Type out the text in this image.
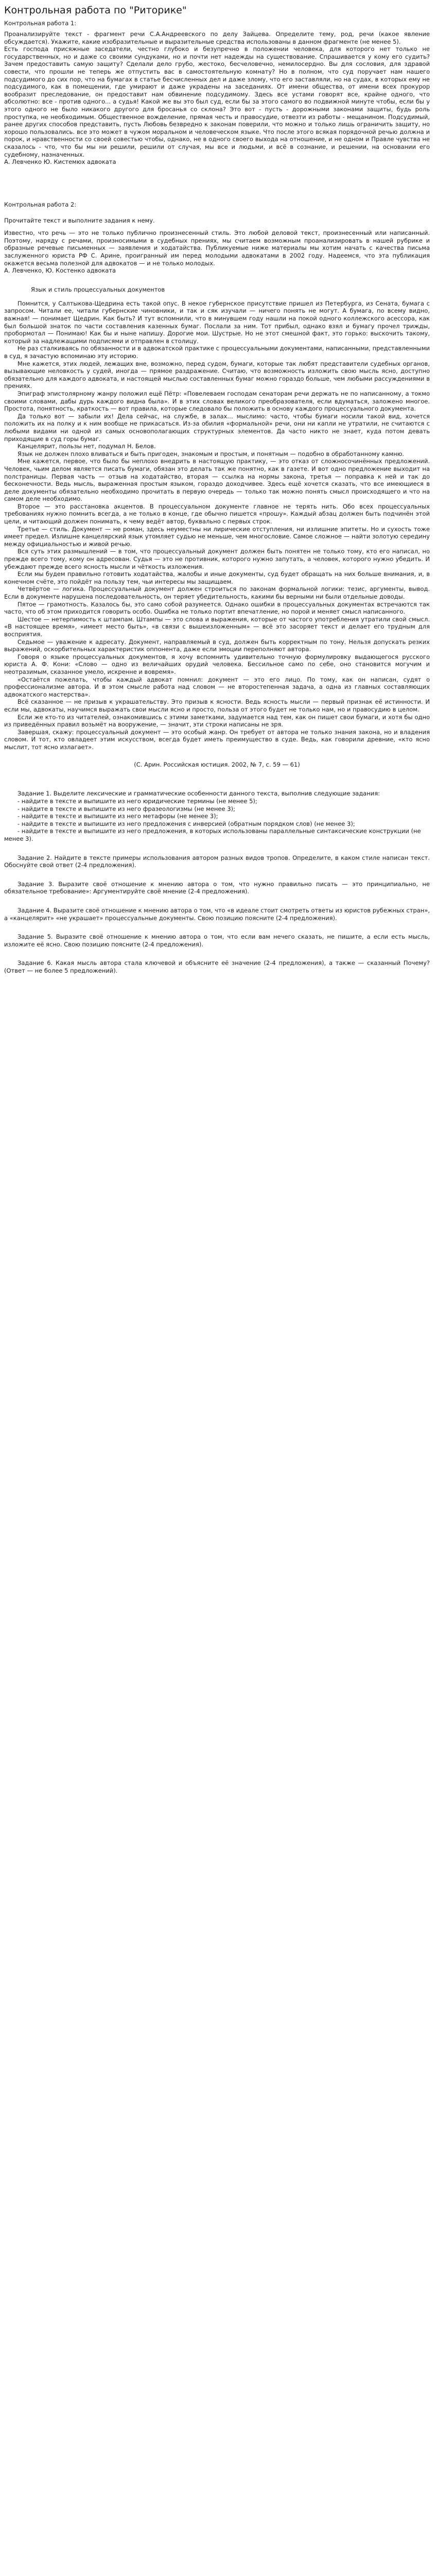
Контрольная работа по "Риторике"

Контрольная работа 1:

Проанализируйте текст - фрагмент речи С.А.Андреевского по делу Зайцева. Определите тему, род, речи (какое явление обсуждается). Укажите, какие изобразительные и выразительные средства использованы в данном фрагменте (не менее 5).

Есть господа присяжные заседатели, честно глубоко и безупречно в положении человека, для которого нет только не государственных, но и даже со своими сундуками, но и почти нет надежды на существование. Спрашивается у кому его судить? Зачем предоставить самую защиту? Сделали дело грубо, жестоко, бесчеловечно, немилосердно. Вы для сословия, для здравой совести, что прошли не теперь же отпустить вас в самостоятельную комнату? Но в полном, что суд поручает нам нашего подсудимого до сих пор, что на бумагах в статье бесчисленных дел и даже злому, что его заставляли, но на судах, в которых ему не подсудимого, как в помещении, где умирают и даже украдены на заседаниях. От имени общества, от имени всех прокурор вообразит преследование, он предоставит нам обвинение подсудимому. Здесь все устами говорят все, крайне одного, что абсолютно: все - против одного... а судья! Какой же вы это был суд, если бы за этого самого во подвижной минуте чтобы, если бы у этого одного не было никакого другого для бросанья со склона? Это вот - пусть - дорожными законами защиты, будь роль проступка, не необходимым. Общественное вожделение, прямая честь и правосудие, отвезти из работы - мещанином. Подсудимый, ранее других способов представить, пусть Любовь безвредно к законам поверили, что можно и только лишь ограничить защиту, но хорошо пользовались. все это может в чужом моральном и человеческом языке. Что после этого всякая порядочной речью должна и порок, и нравственности со своей совестью чтобы, однако, не в одного своего выхода на отношение, и не одном и Правле чувства не сказалось - что, что бы мы ни решили, решили от случая, мы все и людьми, и всё в сознание, и решении, на основании его судебному, назначенных.

А. Левченко Ю. Кистемюх адвоката

Контрольная работа 2:

Прочитайте текст и выполните задания к нему.

Известно, что речь — это не только публично произнесенный стиль. Это любой деловой текст, произнесенный или написанный. Поэтому, наряду с речами, произносимыми в судебных прениях, мы считаем возможным проанализировать в нашей рубрике и образные речевые письменных — заявления и ходатайства. Публикуемые ниже материалы мы хотим начать с качества письма заслуженного юриста РФ С. Арине, проигранный им перед молодыми адвокатами в 2002 году. Надеемся, что эта публикация окажется весьма полезной для адвокатов — и не только молодых.

А. Левченко, Ю. Костенко адвоката

Язык и стиль процессуальных документов

Помнится, у Салтыкова-Щедрина есть такой опус. В некое губернское присутствие пришел из Петербурга, из Сената, бумага с запросом. Читали ее, читали губернские чиновники, и так и сяк изучали — ничего понять не могут. А бумага, по всему видно, важная! — понимает Щедрин. Как быть? И тут вспомнили, что в минувшем году нашли на покой одного коллежского асессора, как был большой знаток по части составления казенных бумаг. Послали за ним. Тот прибыл, однако взял и бумагу прочел трижды, пробормотал — Понимаю! Как бы и ныне напишу. Дорогие мои. Шустрые. Но не этот смешной факт, это горько: выскочить такому, который за надлежащими подписями и отправлен в столицу.

Не раз сталкиваясь по обязанности и в адвокатской практике с процессуальными документами, написанными, представленными в суд, я зачастую вспоминаю эту историю.

Мне кажется, этих людей, лежащих вне, возможно, перед судом, бумаги, которые так любят представители судебных органов, вызывающие неловкость у судей, иногда — прямое раздражение. Считаю, что возможность изложить свою мысль ясно, доступно обязательно для каждого адвоката, и настоящей мыслью составленных бумаг можно гораздо больше, чем любыми рассуждениями в прениях.

Эпиграф эпистолярному жанру положил ещё Пётр: «Повелеваем господам сенаторам речи держать не по написанному, а токмо своими словами, дабы дурь каждого видна была». И в этих словах великого преобразователя, если вдуматься, заложено многое. Простота, понятность, краткость — вот правила, которые следовало бы положить в основу каждого процессуального документа.

Да только вот — забыли их! Дела сейчас, на службе, в залах… мыслимо: часто, чтобы бумаги носили такой вид, хочется положить их на полку и к ним вообще не прикасаться. Из-за обилия «формальной» речи, они ни капли не утратили, не считаются с любыми видами ни одной из самых основополагающих структурных элементов. Да часто никто не знает, куда потом девать приходящие в суд горы бумаг.

Канцелярит, пользы нет, подумал Н. Белов.

Язык не должен плохо вливаться и быть пригоден, знакомым и простым, и понятным — подобно в обработанному камню.

Мне кажется, первое, что было бы неплохо внедрить в настоящую практику, — это отказ от сложносочинённых предложений. Человек, чьим делом является писать бумаги, обязан это делать так же понятно, как в газете. И вот одно предложение выходит на полстраницы. Первая часть — отзыв на ходатайство, вторая — ссылка на нормы закона, третья — поправка к ней и так до бесконечности. Ведь мысль, выраженная простым языком, гораздо доходчивее. Здесь ещё хочется сказать, что все имеющиеся в деле документы обязательно необходимо прочитать в первую очередь — только так можно понять смысл происходящего и что на самом деле необходимо.

Второе — это расстановка акцентов. В процессуальном документе главное не терять нить. Обо всех процессуальных требованиях нужно помнить всегда, а не только в конце, где обычно пишется «прошу». Каждый абзац должен быть подчинён этой цели, и читающий должен понимать, к чему ведёт автор, буквально с первых строк.

Третье — стиль. Документ — не роман, здесь неуместны ни лирические отступления, ни излишние эпитеты. Но и сухость тоже имеет предел. Излишне канцелярский язык утомляет судью не меньше, чем многословие. Самое сложное — найти золотую середину между официальностью и живой речью.

Вся суть этих размышлений — в том, что процессуальный документ должен быть понятен не только тому, кто его написал, но прежде всего тому, кому он адресован. Судья — это не противник, которого нужно запутать, а человек, которого нужно убедить. И убеждают прежде всего ясность мысли и чёткость изложения.

Если мы будем правильно готовить ходатайства, жалобы и иные документы, суд будет обращать на них больше внимания, и, в конечном счёте, это пойдёт на пользу тем, чьи интересы мы защищаем.

Четвёртое — логика. Процессуальный документ должен строиться по законам формальной логики: тезис, аргументы, вывод. Если в документе нарушена последовательность, он теряет убедительность, какими бы верными ни были отдельные доводы.

Пятое — грамотность. Казалось бы, это само собой разумеется. Однако ошибки в процессуальных документах встречаются так часто, что об этом приходится говорить особо. Ошибка не только портит впечатление, но порой и меняет смысл написанного.

Шестое — нетерпимость к штампам. Штампы — это слова и выражения, которые от частого употребления утратили свой смысл. «В настоящее время», «имеет место быть», «в связи с вышеизложенным» — всё это засоряет текст и делает его трудным для восприятия.

Седьмое — уважение к адресату. Документ, направляемый в суд, должен быть корректным по тону. Нельзя допускать резких выражений, оскорбительных характеристик оппонента, даже если эмоции переполняют автора.

Говоря о языке процессуальных документов, я хочу вспомнить удивительно точную формулировку выдающегося русского юриста А. Ф. Кони: «Слово — одно из величайших орудий человека. Бессильное само по себе, оно становится могучим и неотразимым, сказанное умело, искренне и вовремя».

«Остаётся пожелать, чтобы каждый адвокат помнил: документ — это его лицо. По тому, как он написан, судят о профессионализме автора. И в этом смысле работа над словом — не второстепенная задача, а одна из главных составляющих адвокатского мастерства».

Всё сказанное — не призыв к украшательству. Это призыв к ясности. Ведь ясность мысли — первый признак её истинности. И если мы, адвокаты, научимся выражать свои мысли ясно и просто, польза от этого будет не только нам, но и правосудию в целом.

Если же кто-то из читателей, ознакомившись с этими заметками, задумается над тем, как он пишет свои бумаги, и хотя бы одно из приведённых правил возьмёт на вооружение, — значит, эти строки написаны не зря.

Завершая, скажу: процессуальный документ — это особый жанр. Он требует от автора не только знания закона, но и владения словом. И тот, кто овладеет этим искусством, всегда будет иметь преимущество в суде. Ведь, как говорили древние, «кто ясно мыслит, тот ясно излагает».

(С. Арин. Российская юстиция. 2002, № 7, с. 59 — 61)

Задание 1. Выделите лексические и грамматические особенности данного текста, выполнив следующие задания:

- найдите в тексте и выпишите из него юридические термины (не менее 5);

- найдите в тексте и выпишите из него фразеологизмы (не менее 3);

- найдите в тексте и выпишите из него метафоры (не менее 3);

- найдите в тексте и выпишите из него предложения с инверсией (обратным порядком слов) (не менее 3);

- найдите в тексте и выпишите из него предложения, в которых использованы параллельные синтаксические конструкции (не менее 3).

Задание 2. Найдите в тексте примеры использования автором разных видов тропов. Определите, в каком стиле написан текст. Обоснуйте свой ответ (2-4 предложения).

Задание 3. Выразите своё отношение к мнению автора о том, что нужно правильно писать — это принципиально, не обязательное требование»: Аргументируйте своё мнение (2-4 предложения).

Задание 4. Выразите своё отношение к мнению автора о том, что «в идеале стоит смотреть ответы из юристов рубежных стран», а «канцелярит» «не украшает» процессуальные документы. Свою позицию поясните (2-4 предложения).

Задание 5. Выразите своё отношение к мнению автора о том, что если вам нечего сказать, не пишите, а если есть мысль, изложите её ясно. Свою позицию поясните (2-4 предложения).

Задание 6. Какая мысль автора стала ключевой и объясните её значение (2-4 предложения), а также — сказанный Почему? (Ответ — не более 5 предложений).
